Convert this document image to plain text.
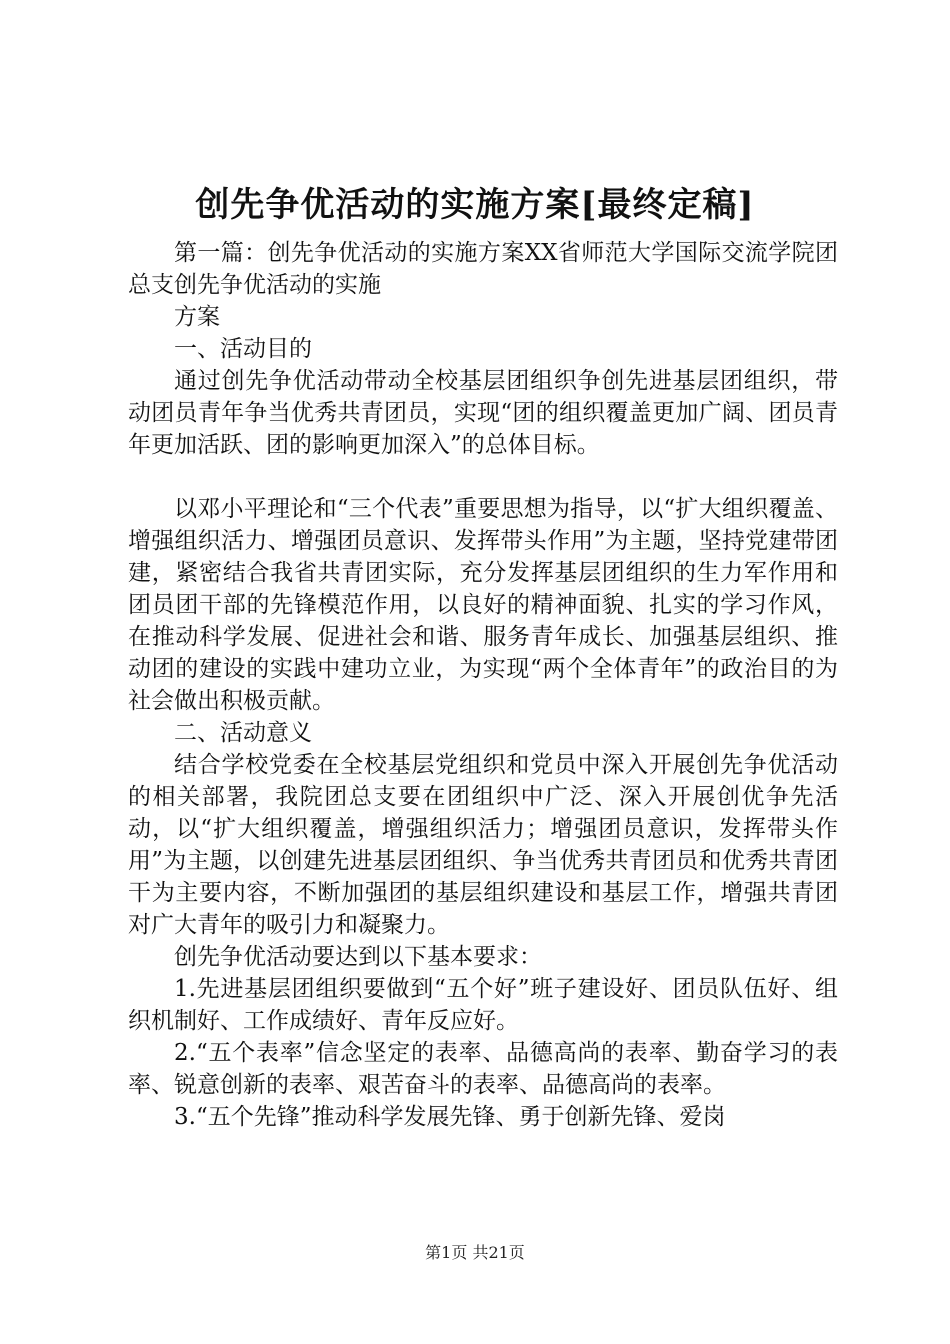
创先争优活动的实施方案[最终定稿]

第一篇：创先争优活动的实施方案XX省师范大学国际交流学院团总支创先争优活动的实施

方案

一、活动目的

通过创先争优活动带动全校基层团组织争创先进基层团组织，带动团员青年争当优秀共青团员，实现“团的组织覆盖更加广阔、团员青年更加活跃、团的影响更加深入”的总体目标。

以邓小平理论和“三个代表”重要思想为指导，以“扩大组织覆盖、增强组织活力、增强团员意识、发挥带头作用”为主题，坚持党建带团建，紧密结合我省共青团实际，充分发挥基层团组织的生力军作用和团员团干部的先锋模范作用，以良好的精神面貌、扎实的学习作风，在推动科学发展、促进社会和谐、服务青年成长、加强基层组织、推动团的建设的实践中建功立业，为实现“两个全体青年”的政治目的为社会做出积极贡献。

二、活动意义

结合学校党委在全校基层党组织和党员中深入开展创先争优活动的相关部署，我院团总支要在团组织中广泛、深入开展创优争先活动，以“扩大组织覆盖，增强组织活力；增强团员意识，发挥带头作用”为主题，以创建先进基层团组织、争当优秀共青团员和优秀共青团干为主要内容，不断加强团的基层组织建设和基层工作，增强共青团对广大青年的吸引力和凝聚力。

创先争优活动要达到以下基本要求：

1.先进基层团组织要做到“五个好”班子建设好、团员队伍好、组织机制好、工作成绩好、青年反应好。

2.“五个表率”信念坚定的表率、品德高尚的表率、勤奋学习的表率、锐意创新的表率、艰苦奋斗的表率、品德高尚的表率。

3.“五个先锋”推动科学发展先锋、勇于创新先锋、爱岗

第1页 共21页
